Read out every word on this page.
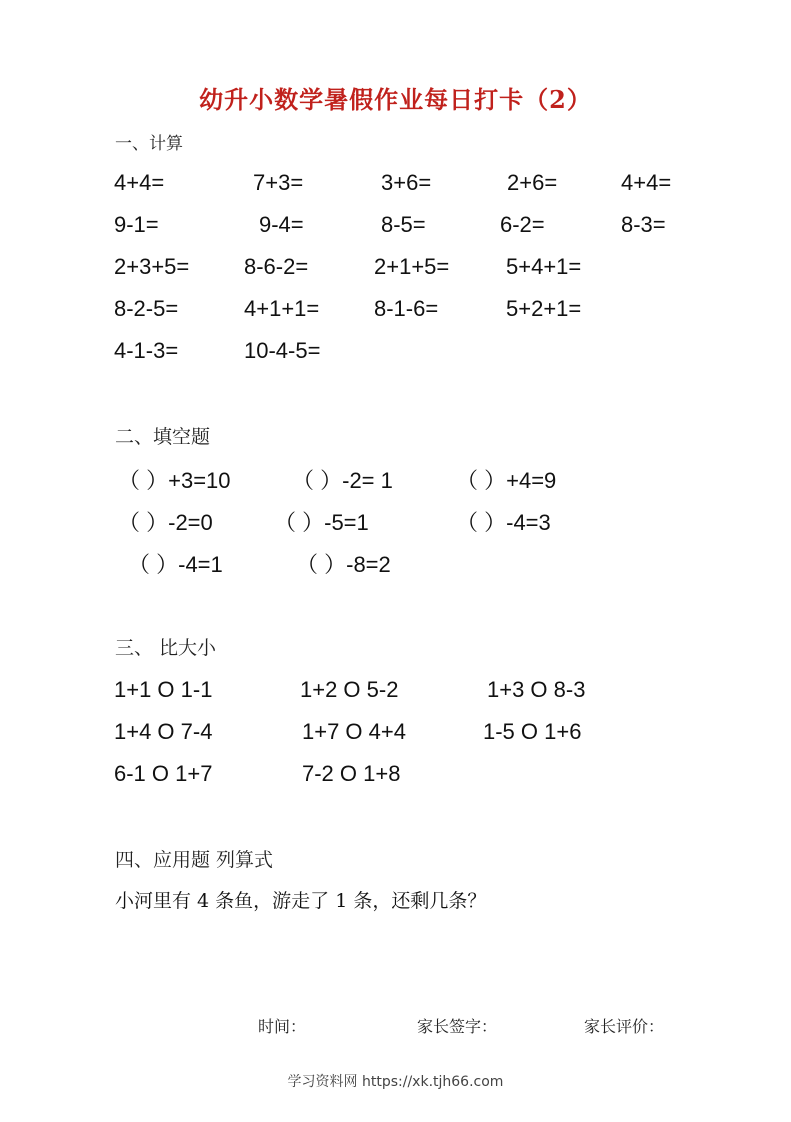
幼升小数学暑假作业每日打卡（2）
一、计算
4+4=	7+3=	3+6=	2+6=	4+4=
9-1=	9-4=	8-5=	6-2=	8-3=
2+3+5= 8-6-2=	2+1+5=	5+4+1=
8-2-5=	4+1+1= 8-1-6=	5+2+1=
4-1-3=	10-4-5=
二、填空题
（ ）+3=10	（ ）-2= 1	（ ）+4=9
（ ）-2=0	（ ）-5=1	（ ）-4=3
（ ）-4=1	（ ）-8=2
三、 比大小
1+1 O 1-1	1+2 O 5-2	1+3 O 8-3
1+4 O 7-4	1+7 O 4+4	1-5 O 1+6
6-1 O 1+7	7-2 O 1+8
四、应用题 列算式
小河里有 4 条鱼，游走了 1 条，还剩几条？
时间：	家长签字：	家长评价：
学习资料网 https://xk.tjh66.com
